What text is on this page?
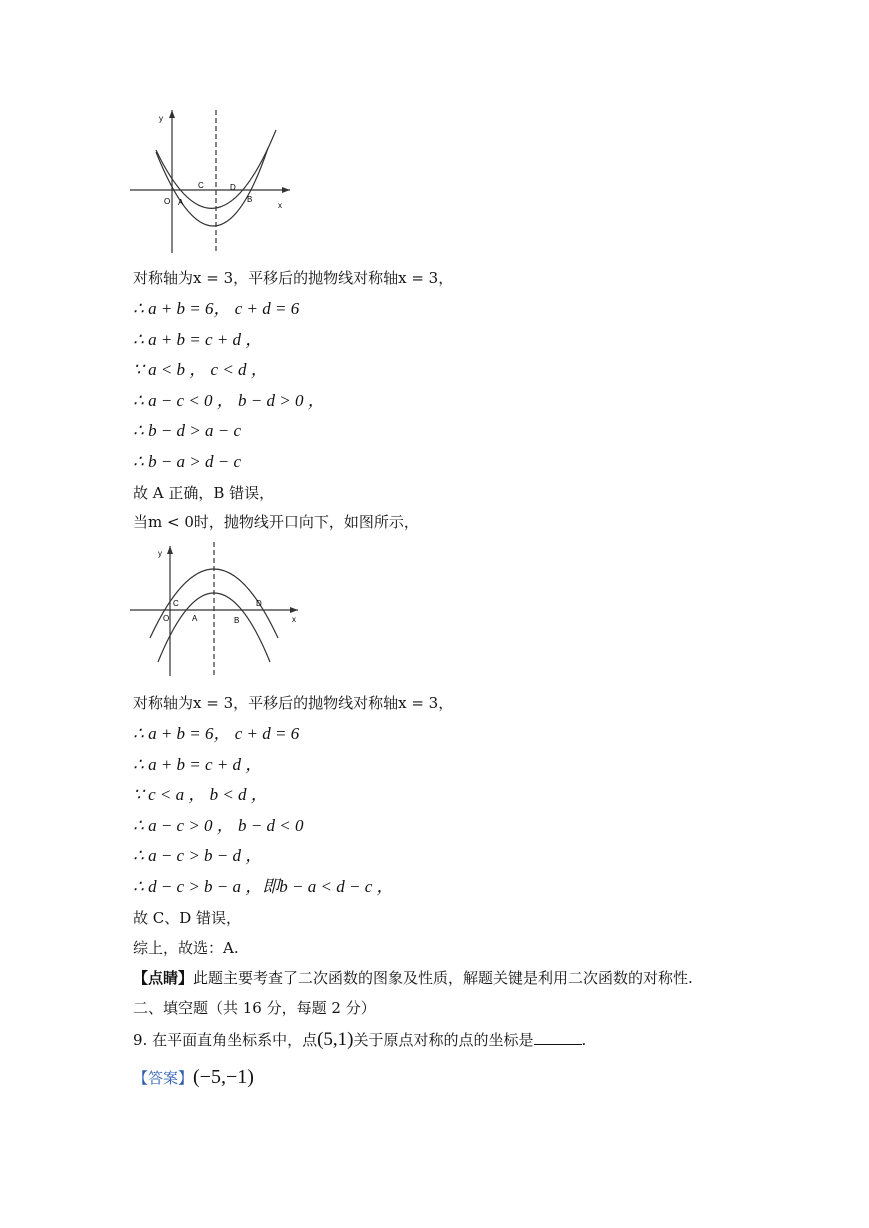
y
x
O A
C	D
B
对称轴为x = 3，平移后的抛物线对称轴x = 3，
∴ a + b = 6， c + d = 6
∴ a + b = c + d ，
∵ a < b ， c < d ，
∴ a − c < 0 ， b − d > 0 ，
∴ b − d > a − c
∴ b − a > d − c
故 A 正确，B 错误，
当m < 0时，抛物线开口向下，如图所示，
y
x
O	A
C	D
B
对称轴为x = 3，平移后的抛物线对称轴x = 3，
∴ a + b = 6， c + d = 6
∴ a + b = c + d ，
∵ c < a ， b < d ，
∴ a − c > 0 ， b − d < 0
∴ a − c > b − d ，
∴ d − c > b − a ，即b − a < d − c ，
故 C、D 错误，
综上，故选：A.
【点睛】此题主要考查了二次函数的图象及性质，解题关键是利用二次函数的对称性.
二、填空题（共 16 分，每题 2 分）
9. 在平面直角坐标系中，点(5,1)关于原点对称的点的坐标是	.
【答案】(−5,−1)
